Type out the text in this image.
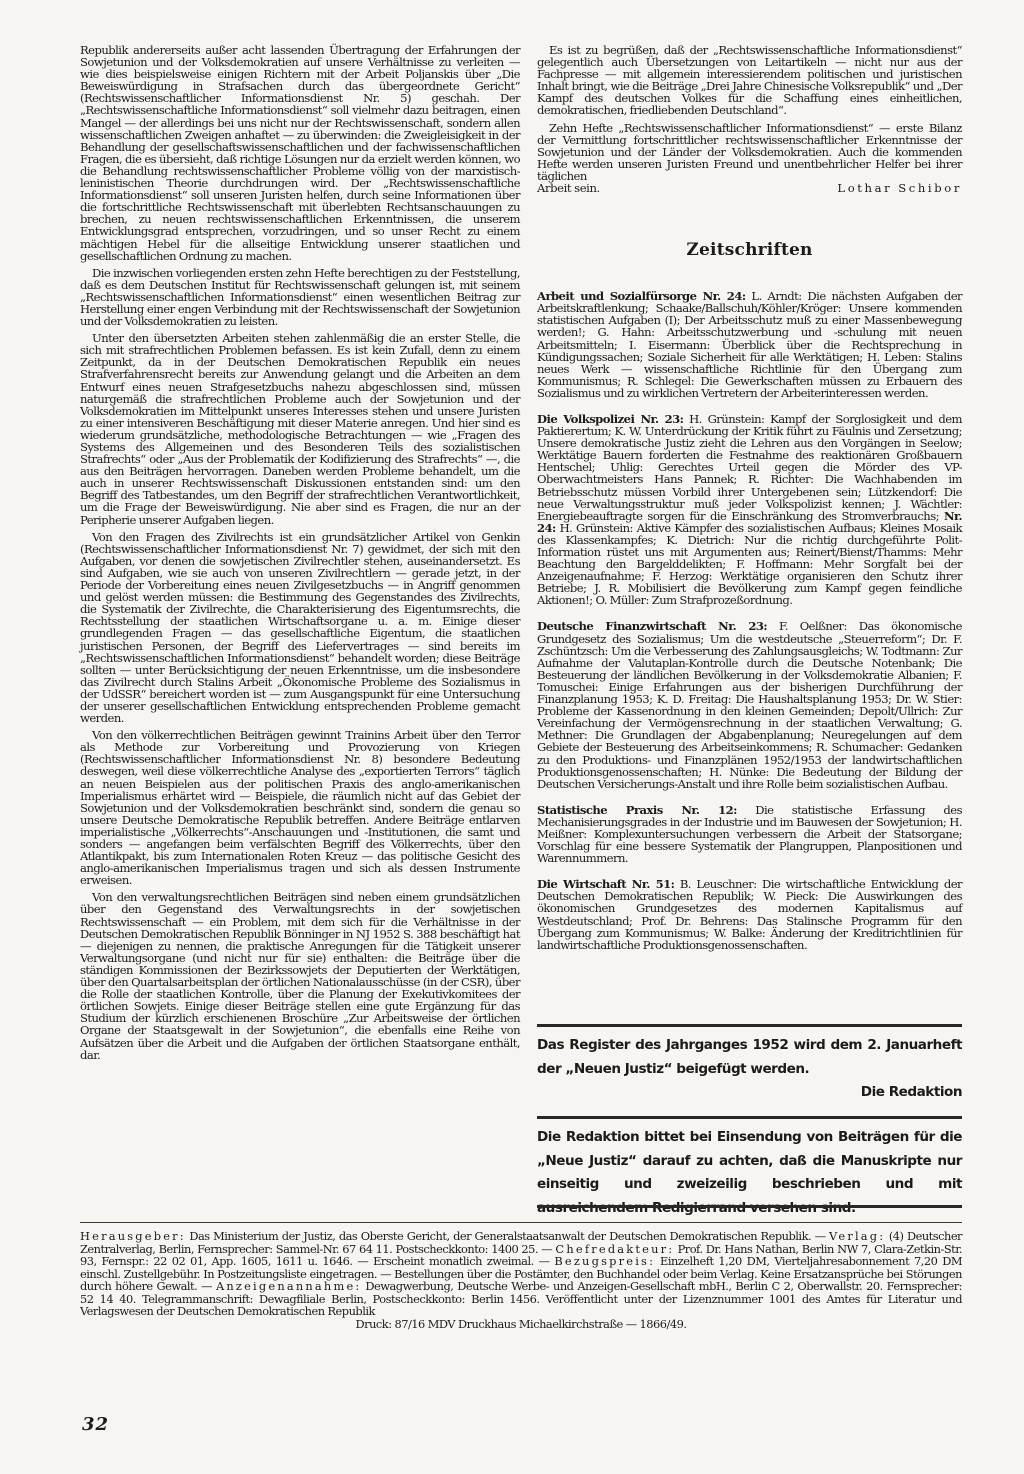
Republik andererseits außer acht lassenden Übertragung der Erfahrungen der Sowjetunion und der Volksdemokratien auf unsere Verhältnisse zu verleiten — wie dies beispielsweise einigen Richtern mit der Arbeit Poljanskis über „Die Beweiswürdigung in Strafsachen durch das übergeordnete Gericht“ (Rechtswissenschaftlicher Informationsdienst Nr. 5) geschah. Der „Rechtswissenschaftliche Informationsdienst“ soll vielmehr dazu beitragen, einen Mangel — der allerdings bei uns nicht nur der Rechtswissenschaft, sondern allen wissenschaftlichen Zweigen anhaftet — zu überwinden: die Zweigleisigkeit in der Behandlung der gesellschaftswissenschaftlichen und der fachwissenschaftlichen Fragen, die es übersieht, daß richtige Lösungen nur da erzielt werden können, wo die Behandlung rechtswissenschaftlicher Probleme völlig von der marxistisch-leninistischen Theorie durchdrungen wird. Der „Rechtswissenschaftliche Informationsdienst“ soll unseren Juristen helfen, durch seine Informationen über die fortschrittliche Rechtswissenschaft mit überlebten Rechtsanschauungen zu brechen, zu neuen rechtswissenschaftlichen Erkenntnissen, die unserem Entwicklungsgrad entsprechen, vorzudringen, und so unser Recht zu einem mächtigen Hebel für die allseitige Entwicklung unserer staatlichen und gesellschaftlichen Ordnung zu machen.

Die inzwischen vorliegenden ersten zehn Hefte berechtigen zu der Feststellung, daß es dem Deutschen Institut für Rechtswissenschaft gelungen ist, mit seinem „Rechtswissenschaftlichen Informationsdienst“ einen wesentlichen Beitrag zur Herstellung einer engen Verbindung mit der Rechtswissenschaft der Sowjetunion und der Volksdemokratien zu leisten.

Unter den übersetzten Arbeiten stehen zahlenmäßig die an erster Stelle, die sich mit strafrechtlichen Problemen befassen. Es ist kein Zufall, denn zu einem Zeitpunkt, da in der Deutschen Demokratischen Republik ein neues Strafverfahrensrecht bereits zur Anwendung gelangt und die Arbeiten an dem Entwurf eines neuen Strafgesetzbuchs nahezu abgeschlossen sind, müssen naturgemäß die strafrechtlichen Probleme auch der Sowjetunion und der Volksdemokratien im Mittelpunkt unseres Interesses stehen und unsere Juristen zu einer intensiveren Beschäftigung mit dieser Materie anregen. Und hier sind es wiederum grundsätzliche, methodologische Betrachtungen — wie „Fragen des Systems des Allgemeinen und des Besonderen Teils des sozialistischen Strafrechts“ oder „Aus der Problematik der Kodifizierung des Strafrechts“ —, die aus den Beiträgen hervorragen. Daneben werden Probleme behandelt, um die auch in unserer Rechtswissenschaft Diskussionen entstanden sind: um den Begriff des Tatbestandes, um den Begriff der strafrechtlichen Verantwortlichkeit, um die Frage der Beweiswürdigung. Nie aber sind es Fragen, die nur an der Peripherie unserer Aufgaben liegen.

Von den Fragen des Zivilrechts ist ein grundsätzlicher Artikel von Genkin (Rechtswissenschaftlicher Informationsdienst Nr. 7) gewidmet, der sich mit den Aufgaben, vor denen die sowjetischen Zivilrechtler stehen, auseinandersetzt. Es sind Aufgaben, wie sie auch von unseren Zivilrechtlern — gerade jetzt, in der Periode der Vorbereitung eines neuen Zivilgesetzbuchs — in Angriff genommen und gelöst werden müssen: die Bestimmung des Gegenstandes des Zivilrechts, die Systematik der Zivilrechte, die Charakterisierung des Eigentumsrechts, die Rechtsstellung der staatlichen Wirtschaftsorgane u. a. m. Einige dieser grundlegenden Fragen — das gesellschaftliche Eigentum, die staatlichen juristischen Personen, der Begriff des Liefervertrages — sind bereits im „Rechtswissenschaftlichen Informationsdienst“ behandelt worden; diese Beiträge sollten — unter Berücksichtigung der neuen Erkenntnisse, um die insbesondere das Zivilrecht durch Stalins Arbeit „Ökonomische Probleme des Sozialismus in der UdSSR“ bereichert worden ist — zum Ausgangspunkt für eine Untersuchung der unserer gesellschaftlichen Entwicklung entsprechenden Probleme gemacht werden.

Von den völkerrechtlichen Beiträgen gewinnt Trainins Arbeit über den Terror als Methode zur Vorbereitung und Provozierung von Kriegen (Rechtswissenschaftlicher Informationsdienst Nr. 8) besondere Bedeutung deswegen, weil diese völkerrechtliche Analyse des „exportierten Terrors“ täglich an neuen Beispielen aus der politischen Praxis des anglo-amerikanischen Imperialismus erhärtet wird — Beispiele, die räumlich nicht auf das Gebiet der Sowjetunion und der Volksdemokratien beschränkt sind, sondern die genau so unsere Deutsche Demokratische Republik betreffen. Andere Beiträge entlarven imperialistische „Völkerrechts“-Anschauungen und -Institutionen, die samt und sonders — angefangen beim verfälschten Begriff des Völkerrechts, über den Atlantikpakt, bis zum Internationalen Roten Kreuz — das politische Gesicht des anglo-amerikanischen Imperialismus tragen und sich als dessen Instrumente erweisen.

Von den verwaltungsrechtlichen Beiträgen sind neben einem grundsätzlichen über den Gegenstand des Verwaltungsrechts in der sowjetischen Rechtswissenschaft — ein Problem, mit dem sich für die Verhältnisse in der Deutschen Demokratischen Republik Bönninger in NJ 1952 S. 388 beschäftigt hat — diejenigen zu nennen, die praktische Anregungen für die Tätigkeit unserer Verwaltungsorgane (und nicht nur für sie) enthalten: die Beiträge über die ständigen Kommissionen der Bezirkssowjets der Deputierten der Werktätigen, über den Quartalsarbeitsplan der örtlichen Nationalausschüsse (in der CSR), über die Rolle der staatlichen Kontrolle, über die Planung der Exekutivkomitees der örtlichen Sowjets. Einige dieser Beiträge stellen eine gute Ergänzung für das Studium der kürzlich erschienenen Broschüre „Zur Arbeitsweise der örtlichen Organe der Staatsgewalt in der Sowjetunion“, die ebenfalls eine Reihe von Aufsätzen über die Arbeit und die Aufgaben der örtlichen Staatsorgane enthält, dar.

Es ist zu begrüßen, daß der „Rechtswissenschaftliche Informationsdienst“ gelegentlich auch Übersetzungen von Leitartikeln — nicht nur aus der Fachpresse — mit allgemein interessierendem politischen und juristischen Inhalt bringt, wie die Beiträge „Drei Jahre Chinesische Volksrepublik“ und „Der Kampf des deutschen Volkes für die Schaffung eines einheitlichen, demokratischen, friedliebenden Deutschland“.

Zehn Hefte „Rechtswissenschaftlicher Informationsdienst“ — erste Bilanz der Vermittlung fortschrittlicher rechtswissenschaftlicher Erkenntnisse der Sowjetunion und der Länder der Volksdemokratien. Auch die kommenden Hefte werden unseren Juristen Freund und unentbehrlicher Helfer bei ihrer täglichen

Arbeit sein.	Lothar Schibor
Zeitschriften
Arbeit und Sozialfürsorge Nr. 24: L. Arndt: Die nächsten Aufgaben der Arbeitskraftlenkung; Schaake/Ballschuh/Köhler/Kröger: Unsere kommenden statistischen Aufgaben (I); Der Arbeitsschutz muß zu einer Massenbewegung werden!; G. Hahn: Arbeitsschutzwerbung und -schulung mit neuen Arbeitsmitteln; I. Eisermann: Überblick über die Rechtsprechung in Kündigungssachen; Soziale Sicherheit für alle Werktätigen; H. Leben: Stalins neues Werk — wissenschaftliche Richtlinie für den Übergang zum Kommunismus; R. Schlegel: Die Gewerkschaften müssen zu Erbauern des Sozialismus und zu wirklichen Vertretern der Arbeiterinteressen werden.
Die Volkspolizei Nr. 23: H. Grünstein: Kampf der Sorglosigkeit und dem Paktierertum; K. W. Unterdrückung der Kritik führt zu Fäulnis und Zersetzung; Unsere demokratische Justiz zieht die Lehren aus den Vorgängen in Seelow; Werktätige Bauern forderten die Festnahme des reaktionären Großbauern Hentschel; Uhlig: Gerechtes Urteil gegen die Mörder des VP-Oberwachtmeisters Hans Pannek; R. Richter: Die Wachhabenden im Betriebsschutz müssen Vorbild ihrer Untergebenen sein; Lützkendorf: Die neue Verwaltungsstruktur muß jeder Volkspolizist kennen; J. Wächtler: Energiebeauftragte sorgen für die Einschränkung des Stromverbrauchs; Nr. 24: H. Grünstein: Aktive Kämpfer des sozialistischen Aufbaus; Kleines Mosaik des Klassenkampfes; K. Dietrich: Nur die richtig durchgeführte Polit-Information rüstet uns mit Argumenten aus; Reinert/Bienst/Thamms: Mehr Beachtung den Bargelddelikten; F. Hoffmann: Mehr Sorgfalt bei der Anzeigenaufnahme; F. Herzog: Werktätige organisieren den Schutz ihrer Betriebe; J. R. Mobilisiert die Bevölkerung zum Kampf gegen feindliche Aktionen!; O. Müller: Zum Strafprozeßordnung.
Deutsche Finanzwirtschaft Nr. 23: F. Oelßner: Das ökonomische Grundgesetz des Sozialismus; Um die westdeutsche „Steuerreform“; Dr. F. Zschüntzsch: Um die Verbesserung des Zahlungsausgleichs; W. Todtmann: Zur Aufnahme der Valutaplan-Kontrolle durch die Deutsche Notenbank; Die Besteuerung der ländlichen Bevölkerung in der Volksdemokratie Albanien; F. Tomuschei: Einige Erfahrungen aus der bisherigen Durchführung der Finanzplanung 1953; K. D. Freitag: Die Haushaltsplanung 1953; Dr. W. Stier: Probleme der Kassenordnung in den kleinen Gemeinden; Depolt/Ullrich: Zur Vereinfachung der Vermögensrechnung in der staatlichen Verwaltung; G. Methner: Die Grundlagen der Abgabenplanung; Neuregelungen auf dem Gebiete der Besteuerung des Arbeitseinkommens; R. Schumacher: Gedanken zu den Produktions- und Finanzplänen 1952/1953 der landwirtschaftlichen Produktionsgenossenschaften; H. Nünke: Die Bedeutung der Bildung der Deutschen Versicherungs-Anstalt und ihre Rolle beim sozialistischen Aufbau.
Statistische Praxis Nr. 12: Die statistische Erfassung des Mechanisierungsgrades in der Industrie und im Bauwesen der Sowjetunion; H. Meißner: Komplexuntersuchungen verbessern die Arbeit der Statsorgane; Vorschlag für eine bessere Systematik der Plangruppen, Planpositionen und Warennummern.
Die Wirtschaft Nr. 51: B. Leuschner: Die wirtschaftliche Entwicklung der Deutschen Demokratischen Republik; W. Pieck: Die Auswirkungen des ökonomischen Grundgesetzes des modernen Kapitalismus auf Westdeutschland; Prof. Dr. Behrens: Das Stalinsche Programm für den Übergang zum Kommunismus; W. Balke: Änderung der Kreditrichtlinien für landwirtschaftliche Produktionsgenossenschaften.
Das Register des Jahrganges 1952 wird dem 2. Januarheft der „Neuen Justiz“ beigefügt werden.
Die Redaktion
Die Redaktion bittet bei Einsendung von Beiträgen für die „Neue Justiz“ darauf zu achten, daß die Manuskripte nur einseitig und zweizeilig beschrieben und mit
Herausgeber: Das Ministerium der Justiz, das Oberste Gericht, der Generalstaatsanwalt der Deutschen Demokratischen Republik. — Verlag: (4) Deutscher Zentralverlag, Berlin, Fernsprecher: Sammel-Nr. 67 64 11. Postscheckkonto: 1400 25. — Chefredakteur: Prof. Dr. Hans Nathan, Berlin NW 7, Clara-Zetkin-Str. 93, Fernspr.: 22 02 01, App. 1605, 1611 u. 1646. — Erscheint monatlich zweimal. — Bezugspreis: Einzelheft 1,20 DM, Vierteljahresabonnement 7,20 DM einschl. Zustellgebühr. In Postzeitungsliste eingetragen. — Bestellungen über die Postämter, den Buchhandel oder beim Verlag. Keine Ersatzansprüche bei Störungen durch höhere Gewalt. — Anzeigenannahme: Dewagwerbung, Deutsche Werbe- und Anzeigen-Gesellschaft mbH., Berlin C 2, Oberwallstr. 20. Fernsprecher: 52 14 40. Telegrammanschrift: Dewagfiliale Berlin, Postscheckkonto: Berlin 1456. Veröffentlicht unter der Lizenznummer 1001 des Amtes für Literatur und Verlagswesen der Deutschen Demokratischen Republik
Druck: 87/16 MDV Druckhaus Michaelkirchstraße — 1866/49.
32
